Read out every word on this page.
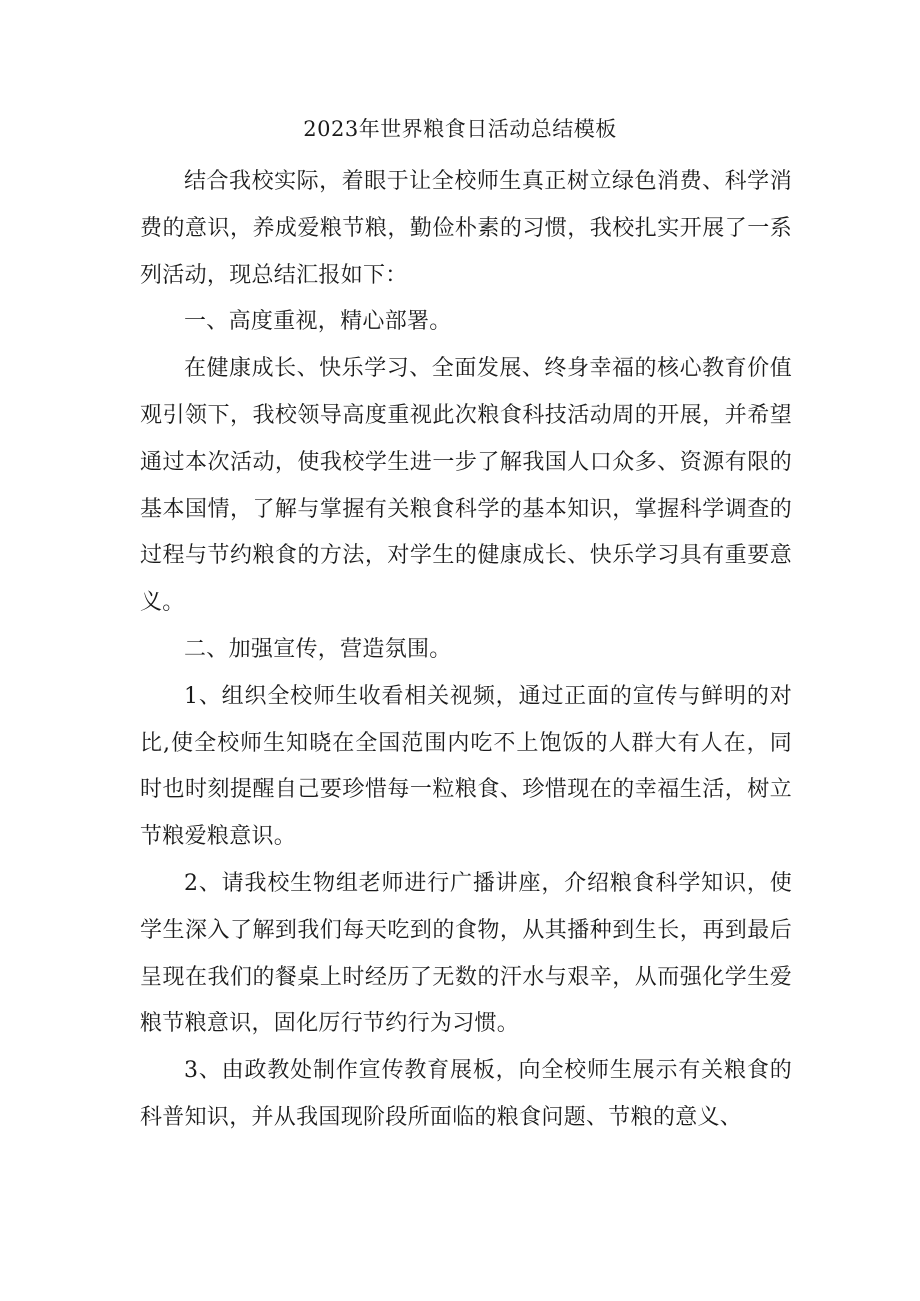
2023年世界粮食日活动总结模板

结合我校实际，着眼于让全校师生真正树立绿色消费、科学消费的意识，养成爱粮节粮，勤俭朴素的习惯，我校扎实开展了一系列活动，现总结汇报如下：

一、高度重视，精心部署。

在健康成长、快乐学习、全面发展、终身幸福的核心教育价值观引领下，我校领导高度重视此次粮食科技活动周的开展，并希望通过本次活动，使我校学生进一步了解我国人口众多、资源有限的基本国情，了解与掌握有关粮食科学的基本知识，掌握科学调查的过程与节约粮食的方法，对学生的健康成长、快乐学习具有重要意义。

二、加强宣传，营造氛围。

1、组织全校师生收看相关视频，通过正面的宣传与鲜明的对比,使全校师生知晓在全国范围内吃不上饱饭的人群大有人在，同时也时刻提醒自己要珍惜每一粒粮食、珍惜现在的幸福生活，树立节粮爱粮意识。

2、请我校生物组老师进行广播讲座，介绍粮食科学知识，使学生深入了解到我们每天吃到的食物，从其播种到生长，再到最后呈现在我们的餐桌上时经历了无数的汗水与艰辛，从而强化学生爱粮节粮意识，固化厉行节约行为习惯。

3、由政教处制作宣传教育展板，向全校师生展示有关粮食的科普知识，并从我国现阶段所面临的粮食问题、节粮的意义、
